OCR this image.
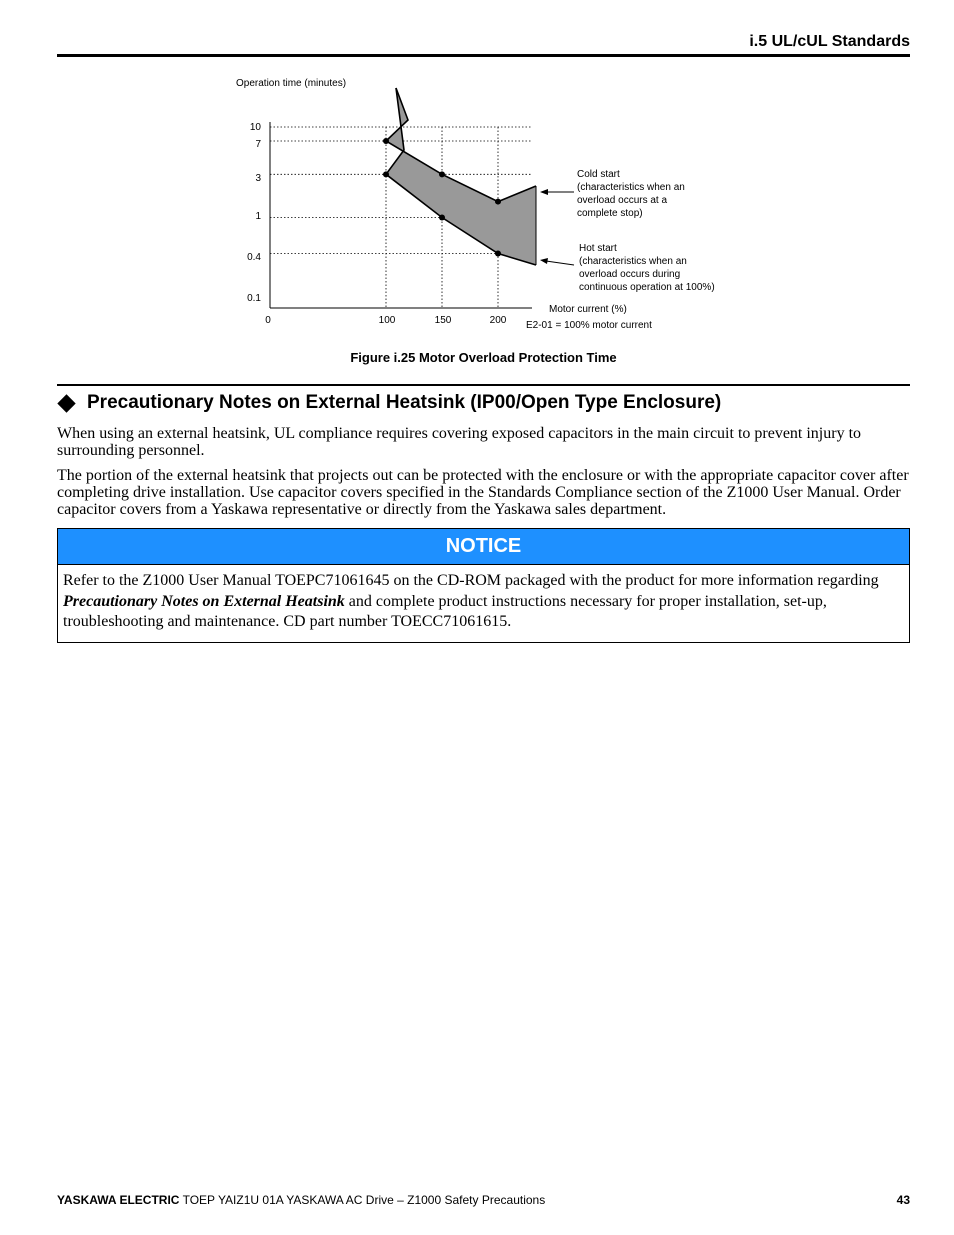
i.5 UL/cUL Standards
Operation time (minutes)
10
7
3
1
0.4
0.1
0	100	150	200
Motor current (%)
E2-01 = 100% motor current
Cold start
(characteristics when an
overload occurs at a
complete stop)
Hot start
(characteristics when an
overload occurs during
continuous operation at 100%)
Figure i.25 Motor Overload Protection Time
Precautionary Notes on External Heatsink (IP00/Open Type Enclosure)
When using an external heatsink, UL compliance requires covering exposed capacitors in the main circuit to prevent injury to surrounding personnel.
The portion of the external heatsink that projects out can be protected with the enclosure or with the appropriate capacitor cover after completing drive installation. Use capacitor covers specified in the Standards Compliance section of the Z1000 User Manual. Order capacitor covers from a Yaskawa representative or directly from the Yaskawa sales department.
NOTICE
Refer to the Z1000 User Manual TOEPC71061645 on the CD-ROM packaged with the product for more information regarding Precautionary Notes on External Heatsink and complete product instructions necessary for proper installation, set-up, troubleshooting and maintenance. CD part number TOECC71061615.
YASKAWA ELECTRIC TOEP YAIZ1U 01A YASKAWA AC Drive – Z1000 Safety Precautions	43
